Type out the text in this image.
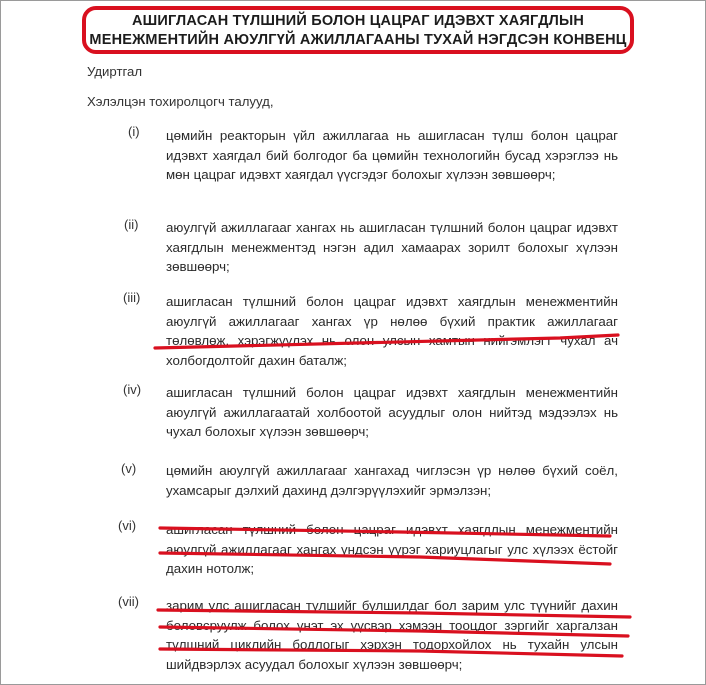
АШИГЛАСАН ТҮЛШНИЙ БОЛОН ЦАЦРАГ ИДЭВХТ ХАЯГДЛЫН
МЕНЕЖМЕНТИЙН АЮУЛГҮЙ АЖИЛЛАГААНЫ ТУХАЙ НЭГДСЭН КОНВЕНЦ
Удиртгал
Хэлэлцэн тохиролцогч талууд,
(i) цөмийн реакторын үйл ажиллагаа нь ашигласан түлш болон цацраг идэвхт хаягдал бий болгодог ба цөмийн технологийн бусад хэрэглээ нь мөн цацраг идэвхт хаягдал үүсгэдэг болохыг хүлээн зөвшөөрч;
(ii) аюулгүй ажиллагааг хангах нь ашигласан түлшний болон цацраг идэвхт хаягдлын менежментэд нэгэн адил хамаарах зорилт болохыг хүлээн зөвшөөрч;
(iii) ашигласан түлшний болон цацраг идэвхт хаягдлын менежментийн аюулгүй ажиллагааг хангах үр нөлөө бүхий практик ажиллагааг төлөвлөж, хэрэгжүүлэх нь олон улсын хамтын нийгэмлэгт чухал ач холбогдолтойг дахин баталж;
(iv) ашигласан түлшний болон цацраг идэвхт хаягдлын менежментийн аюулгүй ажиллагаатай холбоотой асуудлыг олон нийтэд мэдээлэх нь чухал болохыг хүлээн зөвшөөрч;
(v) цөмийн аюулгүй ажиллагааг хангахад чиглэсэн үр нөлөө бүхий соёл, ухамсарыг дэлхий дахинд дэлгэрүүлэхийг эрмэлзэн;
(vi) ашигласан түлшний болон цацраг идэвхт хаягдлын менежментийн аюулгүй ажиллагааг хангах үндсэн үүрэг хариуцлагыг улс хүлээх ёстойг дахин нотолж;
(vii) зарим улс ашигласан түлшийг булшилдаг бол зарим улс түүнийг дахин боловсруулж болох үнэт эх үүсвэр хэмээн тооцдог зэргийг харгалзан түлшний циклийн бодлогыг хэрхэн тодорхойлох нь тухайн улсын шийдвэрлэх асуудал болохыг хүлээн зөвшөөрч;
